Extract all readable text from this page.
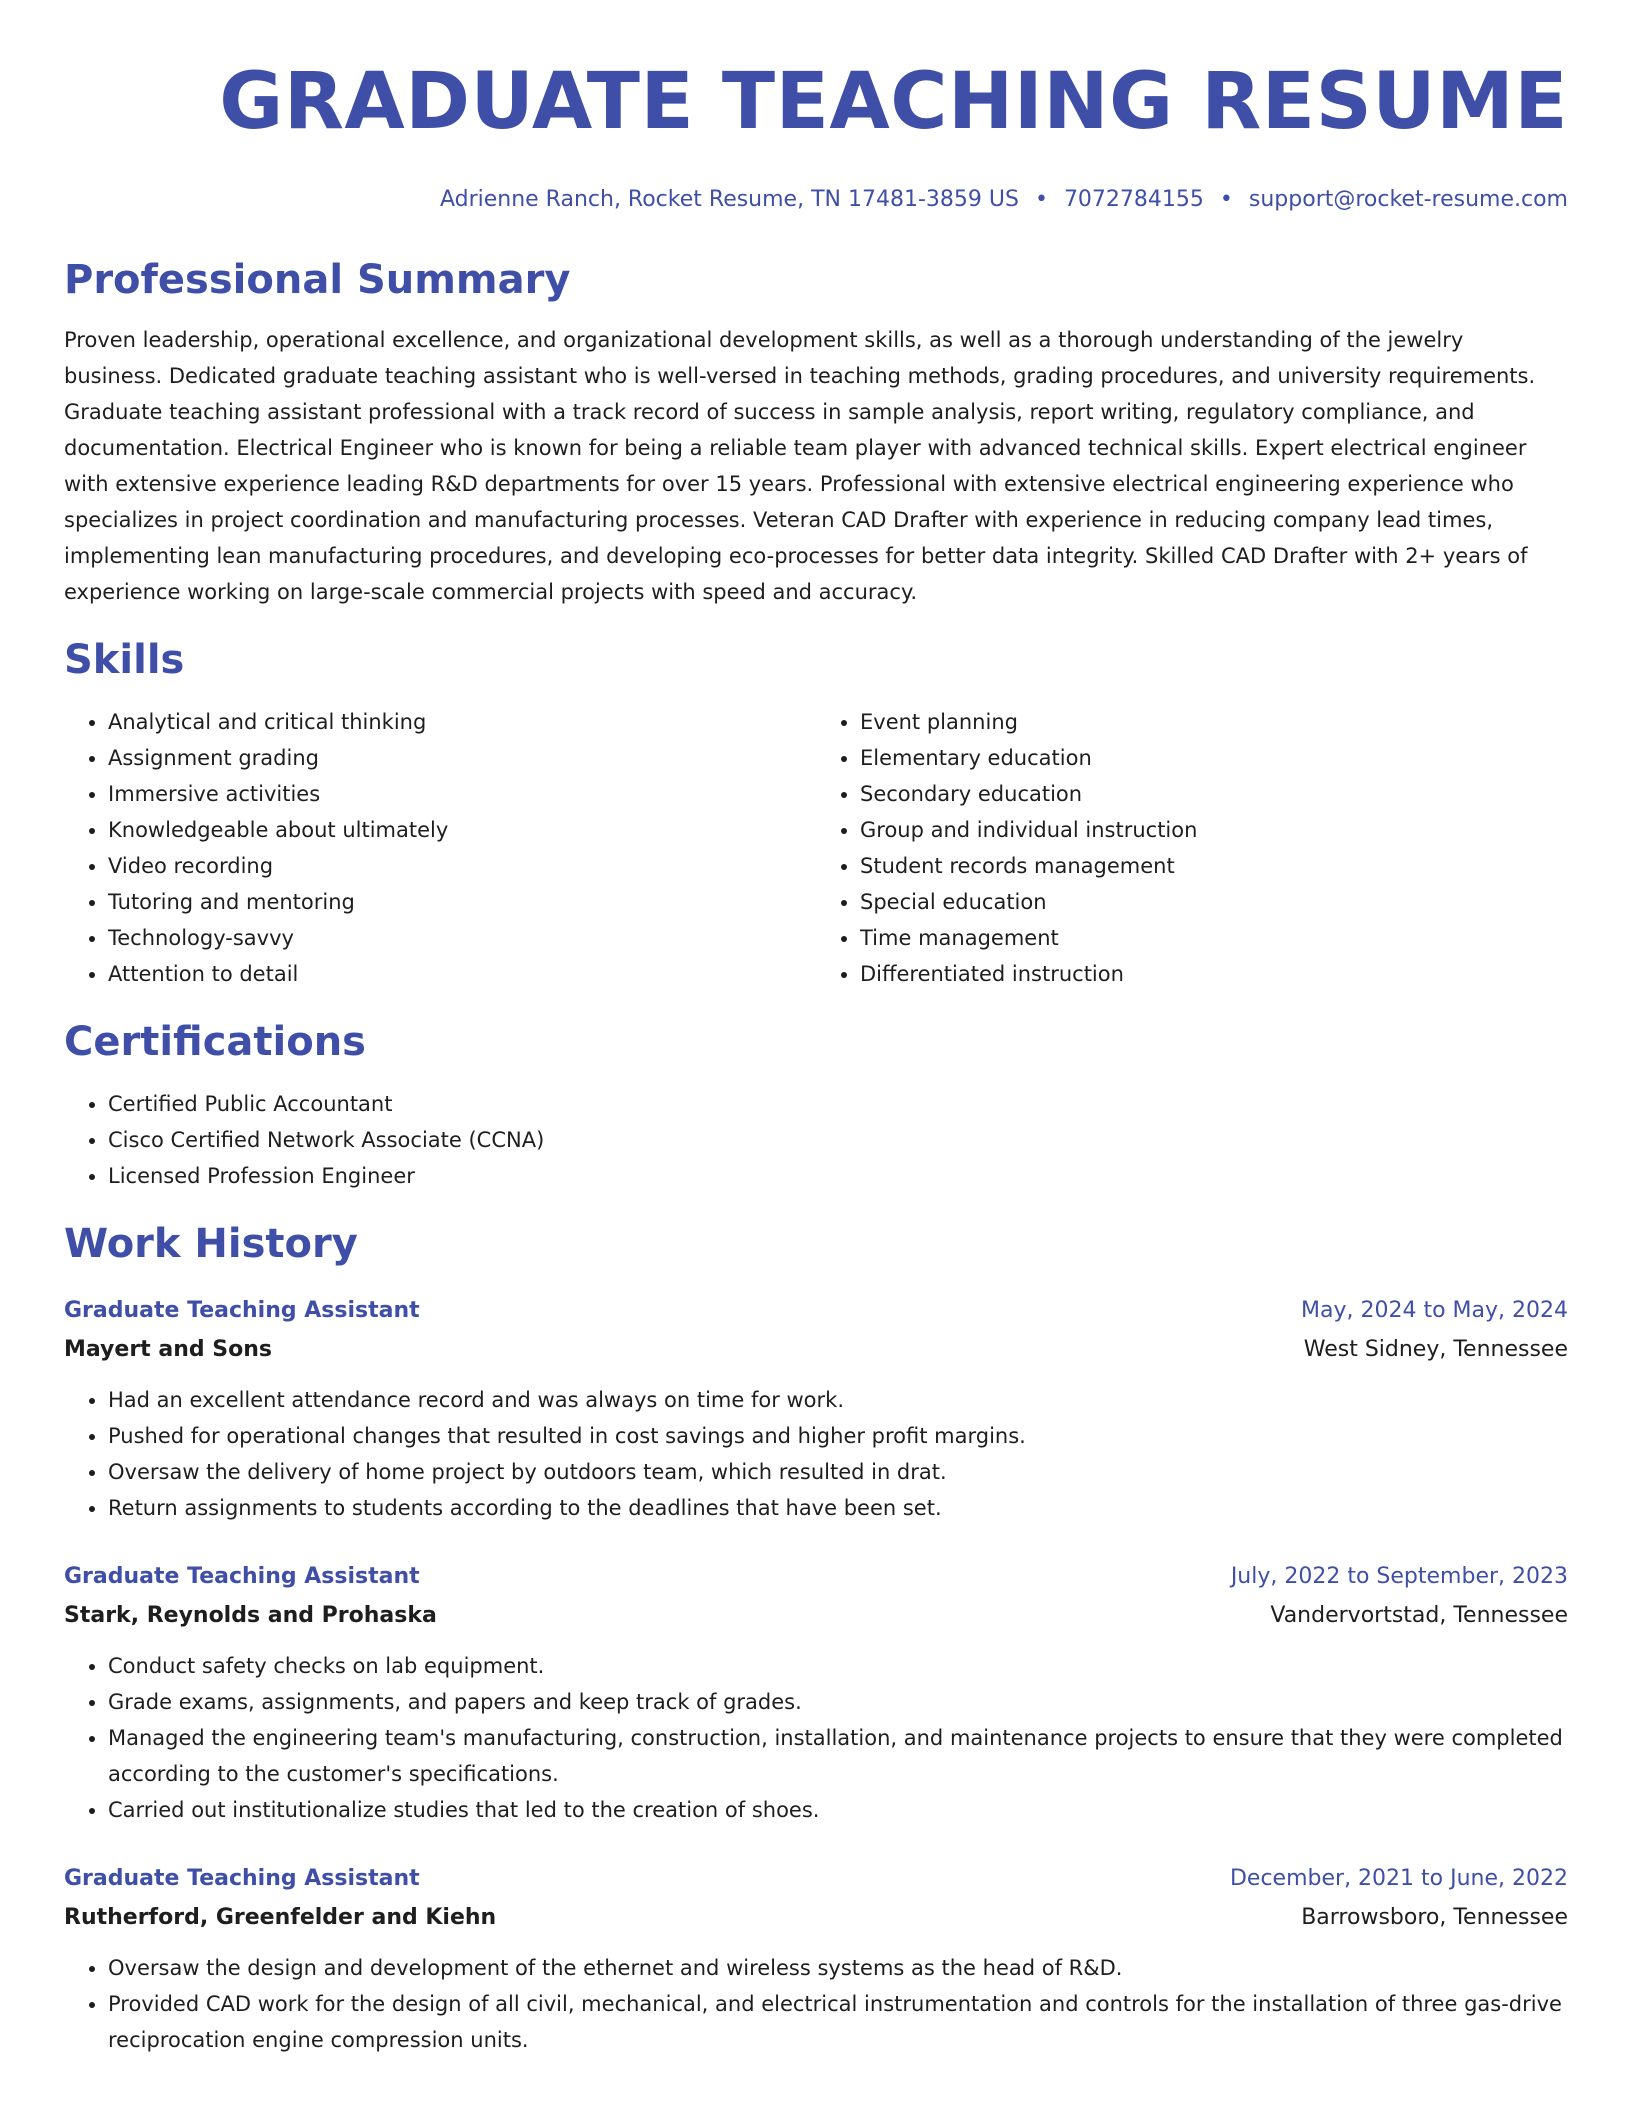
GRADUATE TEACHING RESUME
Adrienne Ranch, Rocket Resume, TN 17481-3859 US • 7072784155 • support@rocket-resume.com
Professional Summary

Proven leadership, operational excellence, and organizational development skills, as well as a thorough understanding of the jewelry business. Dedicated graduate teaching assistant who is well-versed in teaching methods, grading procedures, and university requirements. Graduate teaching assistant professional with a track record of success in sample analysis, report writing, regulatory compliance, and documentation. Electrical Engineer who is known for being a reliable team player with advanced technical skills. Expert electrical engineer with extensive experience leading R&D departments for over 15 years. Professional with extensive electrical engineering experience who specializes in project coordination and manufacturing processes. Veteran CAD Drafter with experience in reducing company lead times, implementing lean manufacturing procedures, and developing eco-processes for better data integrity. Skilled CAD Drafter with 2+ years of experience working on large-scale commercial projects with speed and accuracy.

Skills
• Analytical and critical thinking
• Assignment grading
• Immersive activities
• Knowledgeable about ultimately
• Video recording
• Tutoring and mentoring
• Technology-savvy
• Attention to detail
• Event planning
• Elementary education
• Secondary education
• Group and individual instruction
• Student records management
• Special education
• Time management
• Differentiated instruction
Certifications
• Certified Public Accountant
• Cisco Certified Network Associate (CCNA)
• Licensed Profession Engineer
Work History
Graduate Teaching Assistant	May, 2024 to May, 2024
Mayert and Sons	West Sidney, Tennessee
• Had an excellent attendance record and was always on time for work.
• Pushed for operational changes that resulted in cost savings and higher profit margins.
• Oversaw the delivery of home project by outdoors team, which resulted in drat.
• Return assignments to students according to the deadlines that have been set.
Graduate Teaching Assistant	July, 2022 to September, 2023
Stark, Reynolds and Prohaska	Vandervortstad, Tennessee
• Conduct safety checks on lab equipment.
• Grade exams, assignments, and papers and keep track of grades.
• Managed the engineering team's manufacturing, construction, installation, and maintenance projects to ensure that they were completed according to the customer's specifications.
• Carried out institutionalize studies that led to the creation of shoes.
Graduate Teaching Assistant	December, 2021 to June, 2022
Rutherford, Greenfelder and Kiehn	Barrowsboro, Tennessee
• Oversaw the design and development of the ethernet and wireless systems as the head of R&D.
• Provided CAD work for the design of all civil, mechanical, and electrical instrumentation and controls for the installation of three gas-drive reciprocation engine compression units.
